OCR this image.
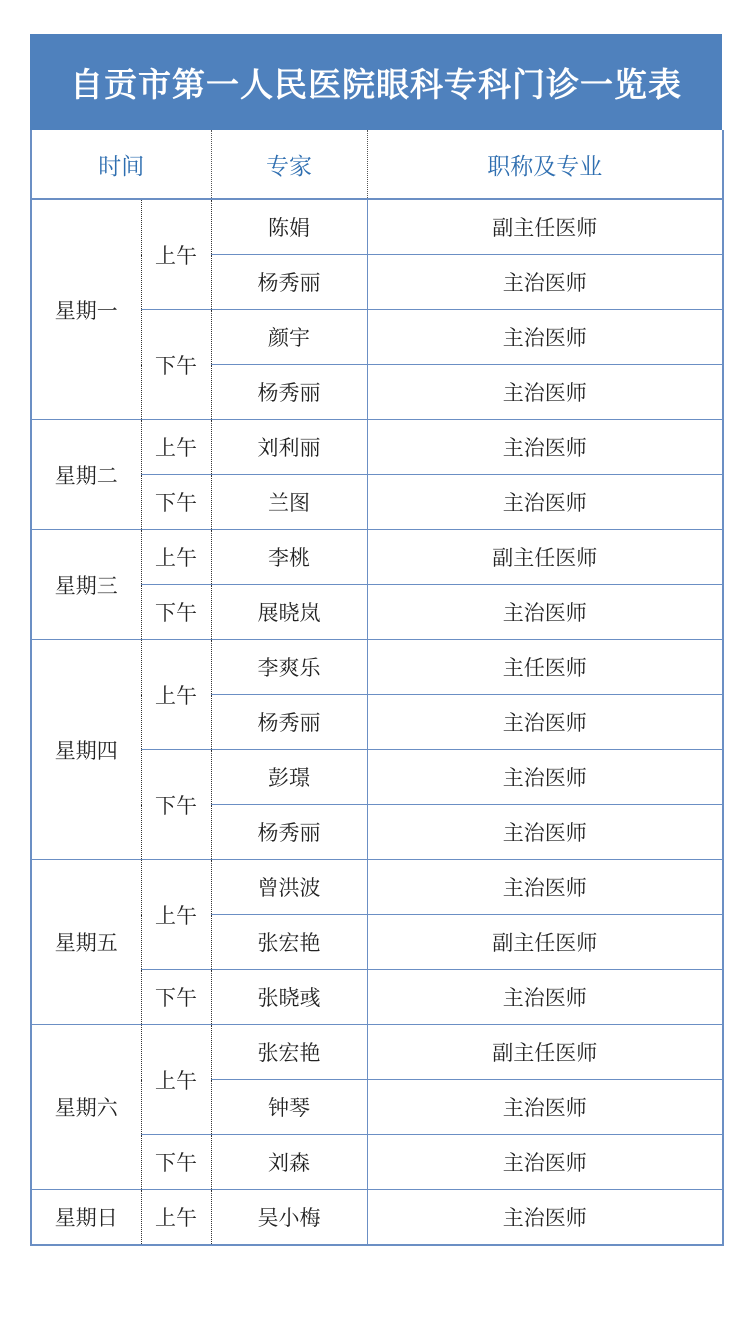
自贡市第一人民医院眼科专科门诊一览表
时间		专家	职称及专业
星期一	上午	陈娟	副主任医师
		杨秀丽	主治医师
	下午	颜宇	主治医师
		杨秀丽	主治医师
星期二	上午	刘利丽	主治医师
	下午	兰图	主治医师
星期三	上午	李桃	副主任医师
	下午	展晓岚	主治医师
星期四	上午	李爽乐	主任医师
		杨秀丽	主治医师
	下午	彭璟	主治医师
		杨秀丽	主治医师
星期五	上午	曾洪波	主治医师
		张宏艳	副主任医师
	下午	张晓彧	主治医师
星期六	上午	张宏艳	副主任医师
		钟琴	主治医师
	下午	刘森	主治医师
星期日	上午	吴小梅	主治医师
